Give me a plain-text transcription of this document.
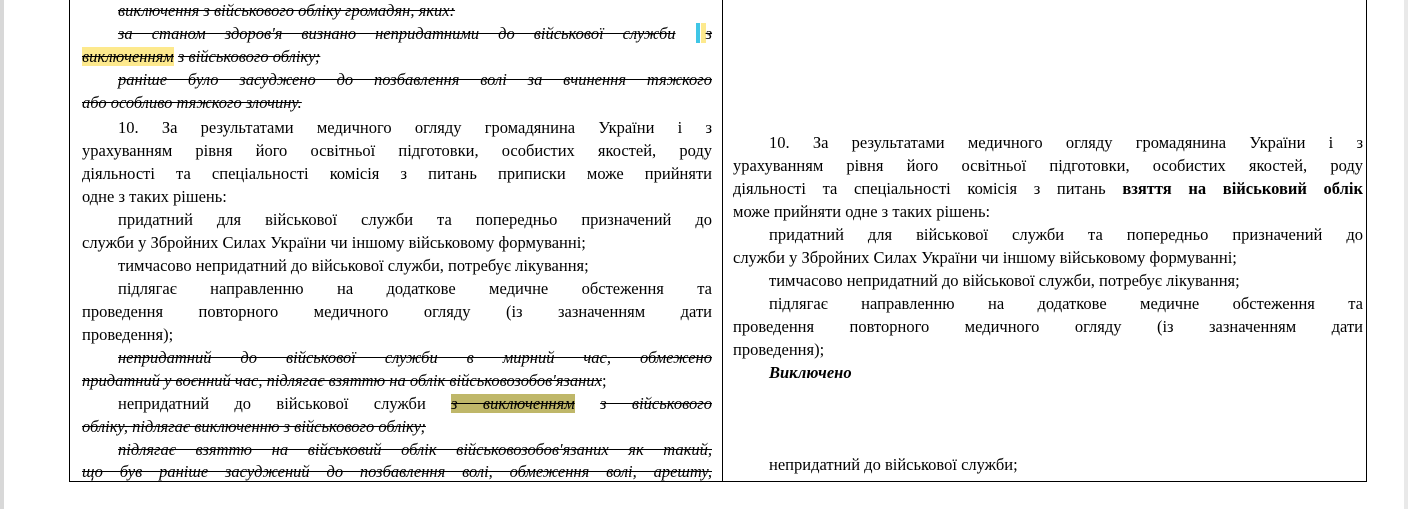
виключення з військового обліку громадян, яких:
за станом здоров'я визнано непридатними до військової служби з
виключенням з військового обліку;
раніше було засуджено до позбавлення волі за вчинення тяжкого
або особливо тяжкого злочину.
10. За результатами медичного огляду громадянина України і з
урахуванням рівня його освітньої підготовки, особистих якостей, роду
діяльності та спеціальності комісія з питань приписки може прийняти
одне з таких рішень:
придатний для військової служби та попередньо призначений до
служби у Збройних Силах України чи іншому військовому формуванні;
тимчасово непридатний до військової служби, потребує лікування;
підлягає направленню на додаткове медичне обстеження та
проведення повторного медичного огляду (із зазначенням дати
проведення);
непридатний до військової служби в мирний час, обмежено
придатний у воєнний час, підлягає взяттю на облік військовозобов'язаних;
непридатний до військової служби з виключенням з військового
обліку, підлягає виключенню з військового обліку;
підлягає взяттю на військовий облік військовозобов'язаних як такий,
що був раніше засуджений до позбавлення волі, обмеження волі, арешту,
10. За результатами медичного огляду громадянина України і з
урахуванням рівня його освітньої підготовки, особистих якостей, роду
діяльності та спеціальності комісія з питань взяття на військовий облік
може прийняти одне з таких рішень:
придатний для військової служби та попередньо призначений до
служби у Збройних Силах України чи іншому військовому формуванні;
тимчасово непридатний до військової служби, потребує лікування;
підлягає направленню на додаткове медичне обстеження та
проведення повторного медичного огляду (із зазначенням дати
проведення);
Виключено
непридатний до військової служби;
